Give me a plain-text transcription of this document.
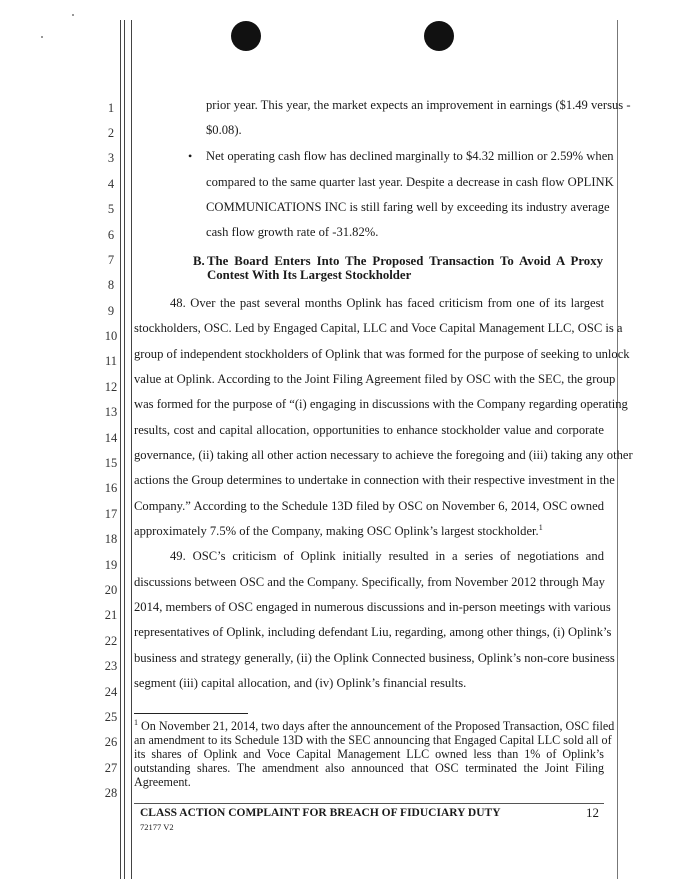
1
2
3
4
5
6
7
8
9
10
11
12
13
14
15
16
17
18
19
20
21
22
23
24
25
26
27
28
prior year. This year, the market expects an improvement in earnings ($1.49 versus -
$0.08).
• Net operating cash flow has declined marginally to $4.32 million or 2.59% when
compared to the same quarter last year. Despite a decrease in cash flow OPLINK
COMMUNICATIONS INC is still faring well by exceeding its industry average
cash flow growth rate of -31.82%.
B. The Board Enters Into The Proposed Transaction To Avoid A Proxy Contest With Its Largest Stockholder
48. Over the past several months Oplink has faced criticism from one of its largest
stockholders, OSC. Led by Engaged Capital, LLC and Voce Capital Management LLC, OSC is a
group of independent stockholders of Oplink that was formed for the purpose of seeking to unlock
value at Oplink. According to the Joint Filing Agreement filed by OSC with the SEC, the group
was formed for the purpose of “(i) engaging in discussions with the Company regarding operating
results, cost and capital allocation, opportunities to enhance stockholder value and corporate
governance, (ii) taking all other action necessary to achieve the foregoing and (iii) taking any other
actions the Group determines to undertake in connection with their respective investment in the
Company.” According to the Schedule 13D filed by OSC on November 6, 2014, OSC owned
approximately 7.5% of the Company, making OSC Oplink’s largest stockholder.$^1$
49. OSC’s criticism of Oplink initially resulted in a series of negotiations and
discussions between OSC and the Company. Specifically, from November 2012 through May
2014, members of OSC engaged in numerous discussions and in-person meetings with various
representatives of Oplink, including defendant Liu, regarding, among other things, (i) Oplink’s
business and strategy generally, (ii) the Oplink Connected business, Oplink’s non-core business
segment (iii) capital allocation, and (iv) Oplink’s financial results.
$^1$ On November 21, 2014, two days after the announcement of the Proposed Transaction, OSC filed
an amendment to its Schedule 13D with the SEC announcing that Engaged Capital LLC sold all of
its shares of Oplink and Voce Capital Management LLC owned less than 1% of Oplink’s
outstanding shares. The amendment also announced that OSC terminated the Joint Filing
Agreement.
CLASS ACTION COMPLAINT FOR BREACH OF FIDUCIARY DUTY
72177 V2
12
